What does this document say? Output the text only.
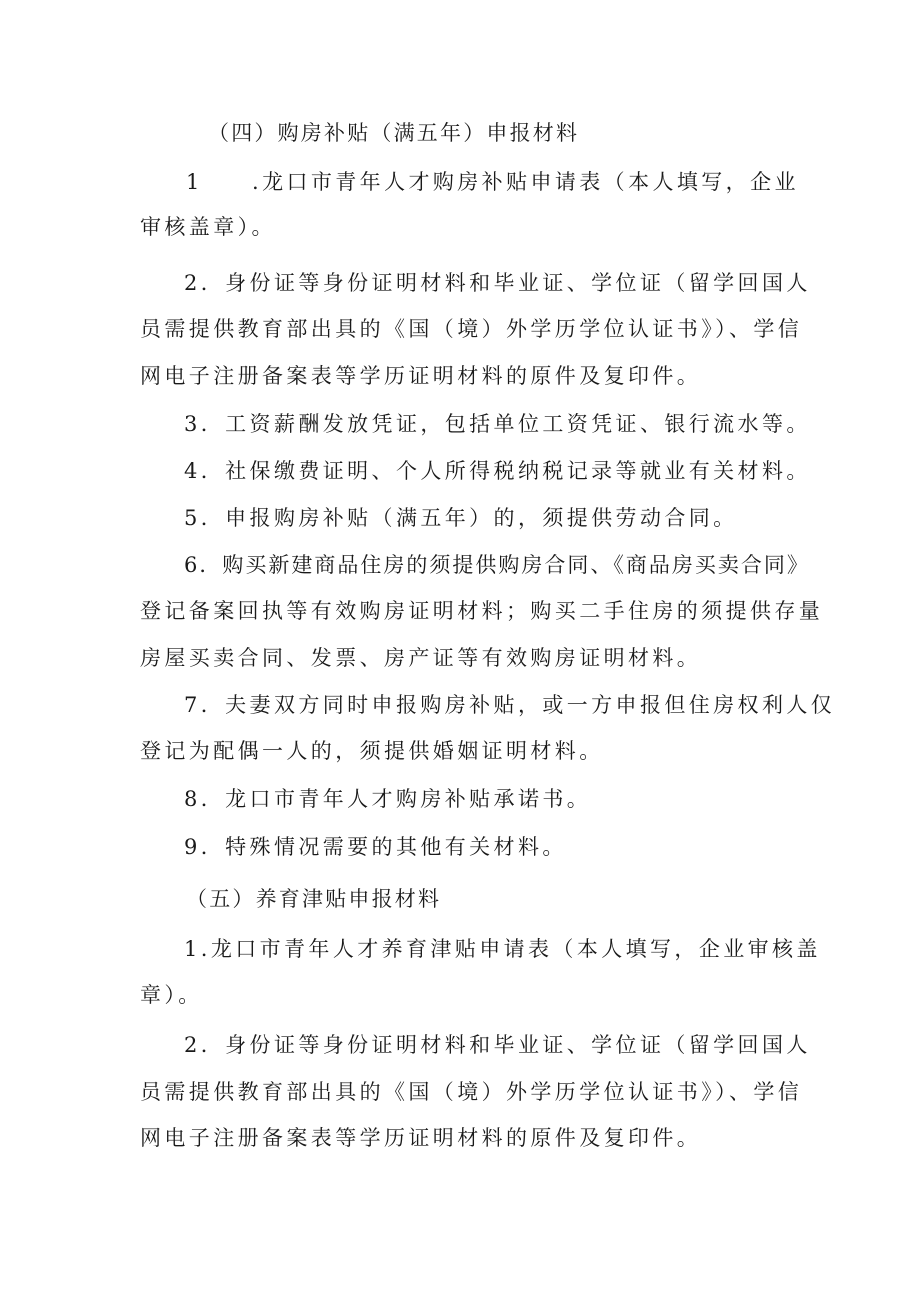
（四）购房补贴（满五年）申报材料
1 .龙口市青年人才购房补贴申请表（本人填写，企业
审核盖章）。
2．身份证等身份证明材料和毕业证、学位证（留学回国人
员需提供教育部出具的《国（境）外学历学位认证书》）、学信
网电子注册备案表等学历证明材料的原件及复印件。
3．工资薪酬发放凭证，包括单位工资凭证、银行流水等。
4．社保缴费证明、个人所得税纳税记录等就业有关材料。
5．申报购房补贴（满五年）的，须提供劳动合同。
6．购买新建商品住房的须提供购房合同、《商品房买卖合同》
登记备案回执等有效购房证明材料；购买二手住房的须提供存量
房屋买卖合同、发票、房产证等有效购房证明材料。
7．夫妻双方同时申报购房补贴，或一方申报但住房权利人仅
登记为配偶一人的，须提供婚姻证明材料。
8．龙口市青年人才购房补贴承诺书。
9．特殊情况需要的其他有关材料。
（五）养育津贴申报材料
1.龙口市青年人才养育津贴申请表（本人填写，企业审核盖
章）。
2．身份证等身份证明材料和毕业证、学位证（留学回国人
员需提供教育部出具的《国（境）外学历学位认证书》）、学信
网电子注册备案表等学历证明材料的原件及复印件。
